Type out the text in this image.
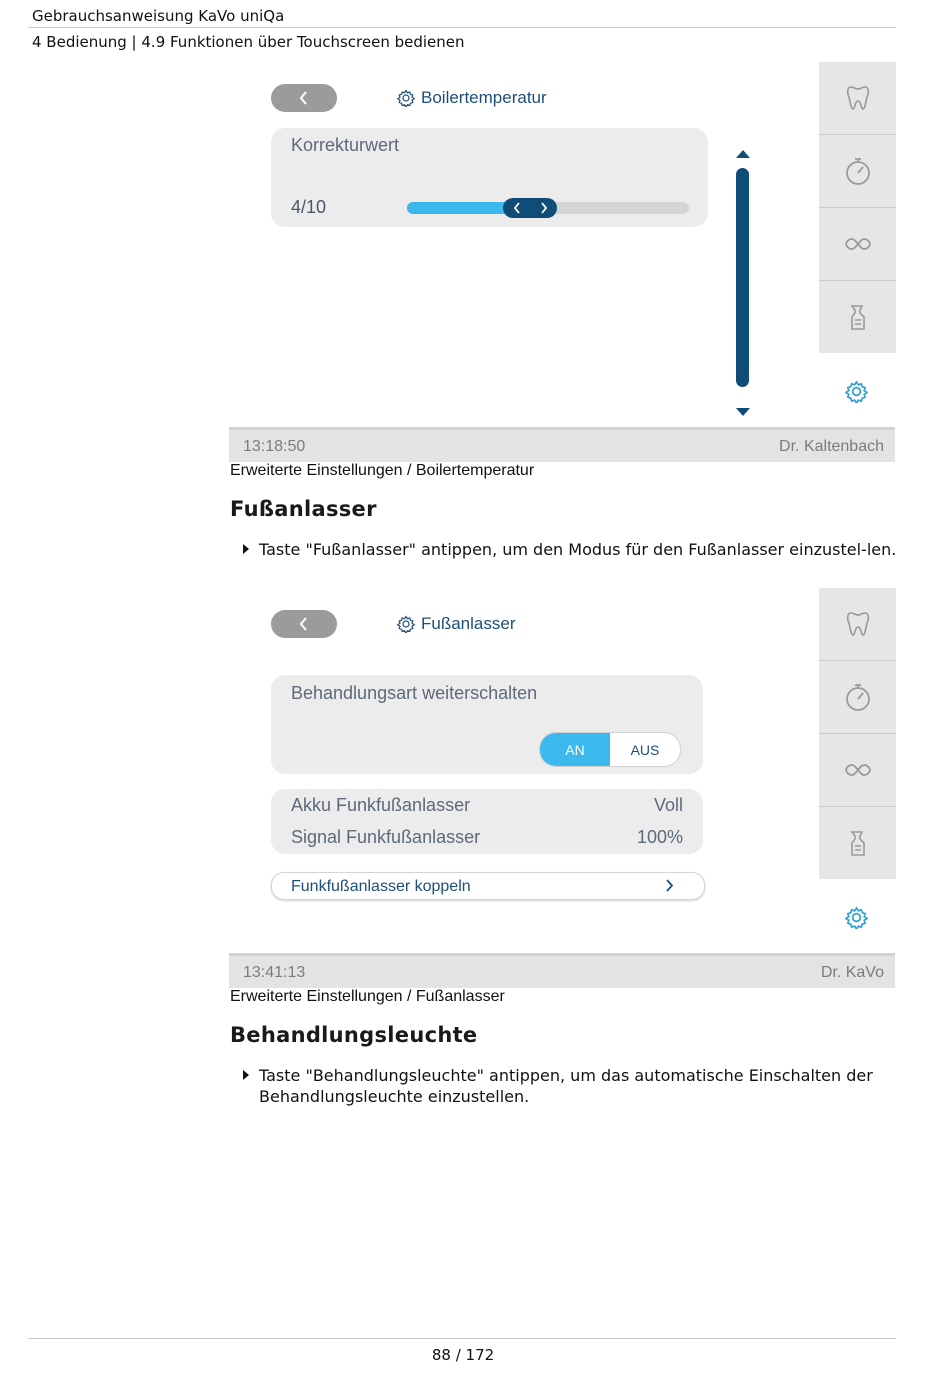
Gebrauchsanweisung KaVo uniQa
4 Bedienung | 4.9 Funktionen über Touchscreen bedienen
Boilertemperatur
Korrekturwert
4/10
13:18:50	Dr. Kaltenbach
Erweiterte Einstellungen / Boilertemperatur
Fußanlasser
Taste "Fußanlasser" antippen, um den Modus für den Fußanlasser einzustel-len.
Fußanlasser
Behandlungsart weiterschalten
AN	AUS
Akku Funkfußanlasser	Voll
Signal Funkfußanlasser	100%
Funkfußanlasser koppeln
13:41:13	Dr. KaVo
Erweiterte Einstellungen / Fußanlasser
Behandlungsleuchte
Taste "Behandlungsleuchte" antippen, um das automatische Einschalten der Behandlungsleuchte einzustellen.
88 / 172
